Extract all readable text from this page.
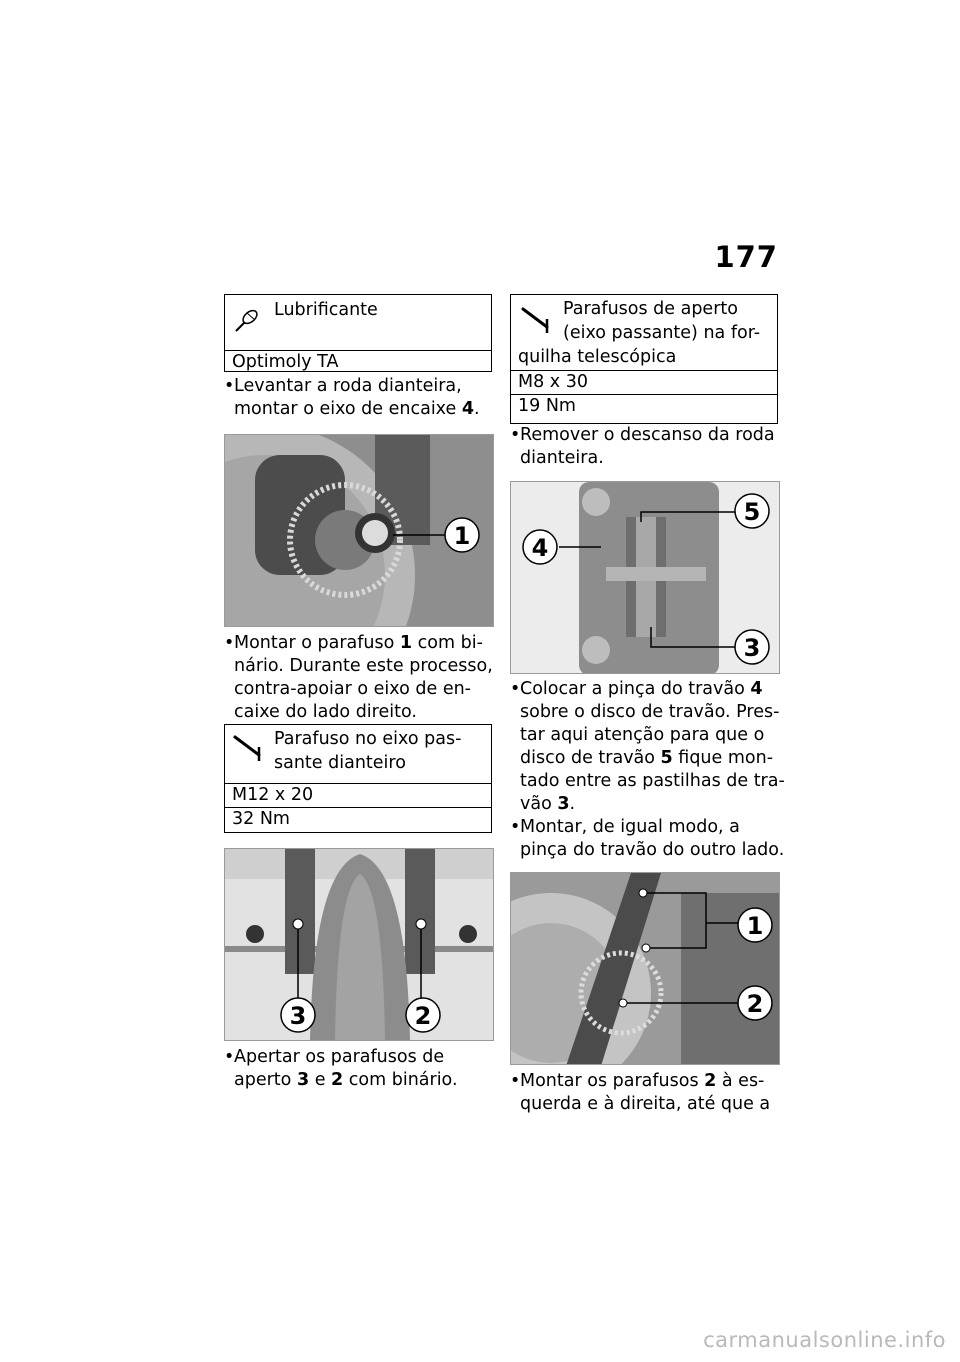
177
Lubrificante
Optimoly TA
• Levantar a roda dianteira,
montar o eixo de encaixe 4.
1
• Montar o parafuso 1 com bi-
nário. Durante este processo,
contra-apoiar o eixo de en-
caixe do lado direito.
Parafuso no eixo pas-
sante dianteiro
M12 x 20
32 Nm
3	2
• Apertar os parafusos de
aperto 3 e 2 com binário.
Parafusos de aperto
(eixo passante) na for-
quilha telescópica
M8 x 30
19 Nm
• Remover o descanso da roda
dianteira.
4
5
3
• Colocar a pinça do travão 4
sobre o disco de travão. Pres-
tar aqui atenção para que o
disco de travão 5 fique mon-
tado entre as pastilhas de tra-
vão 3.
• Montar, de igual modo, a
pinça do travão do outro lado.
1
2
• Montar os parafusos 2 à es-
querda e à direita, até que a
carmanualsonline.info
